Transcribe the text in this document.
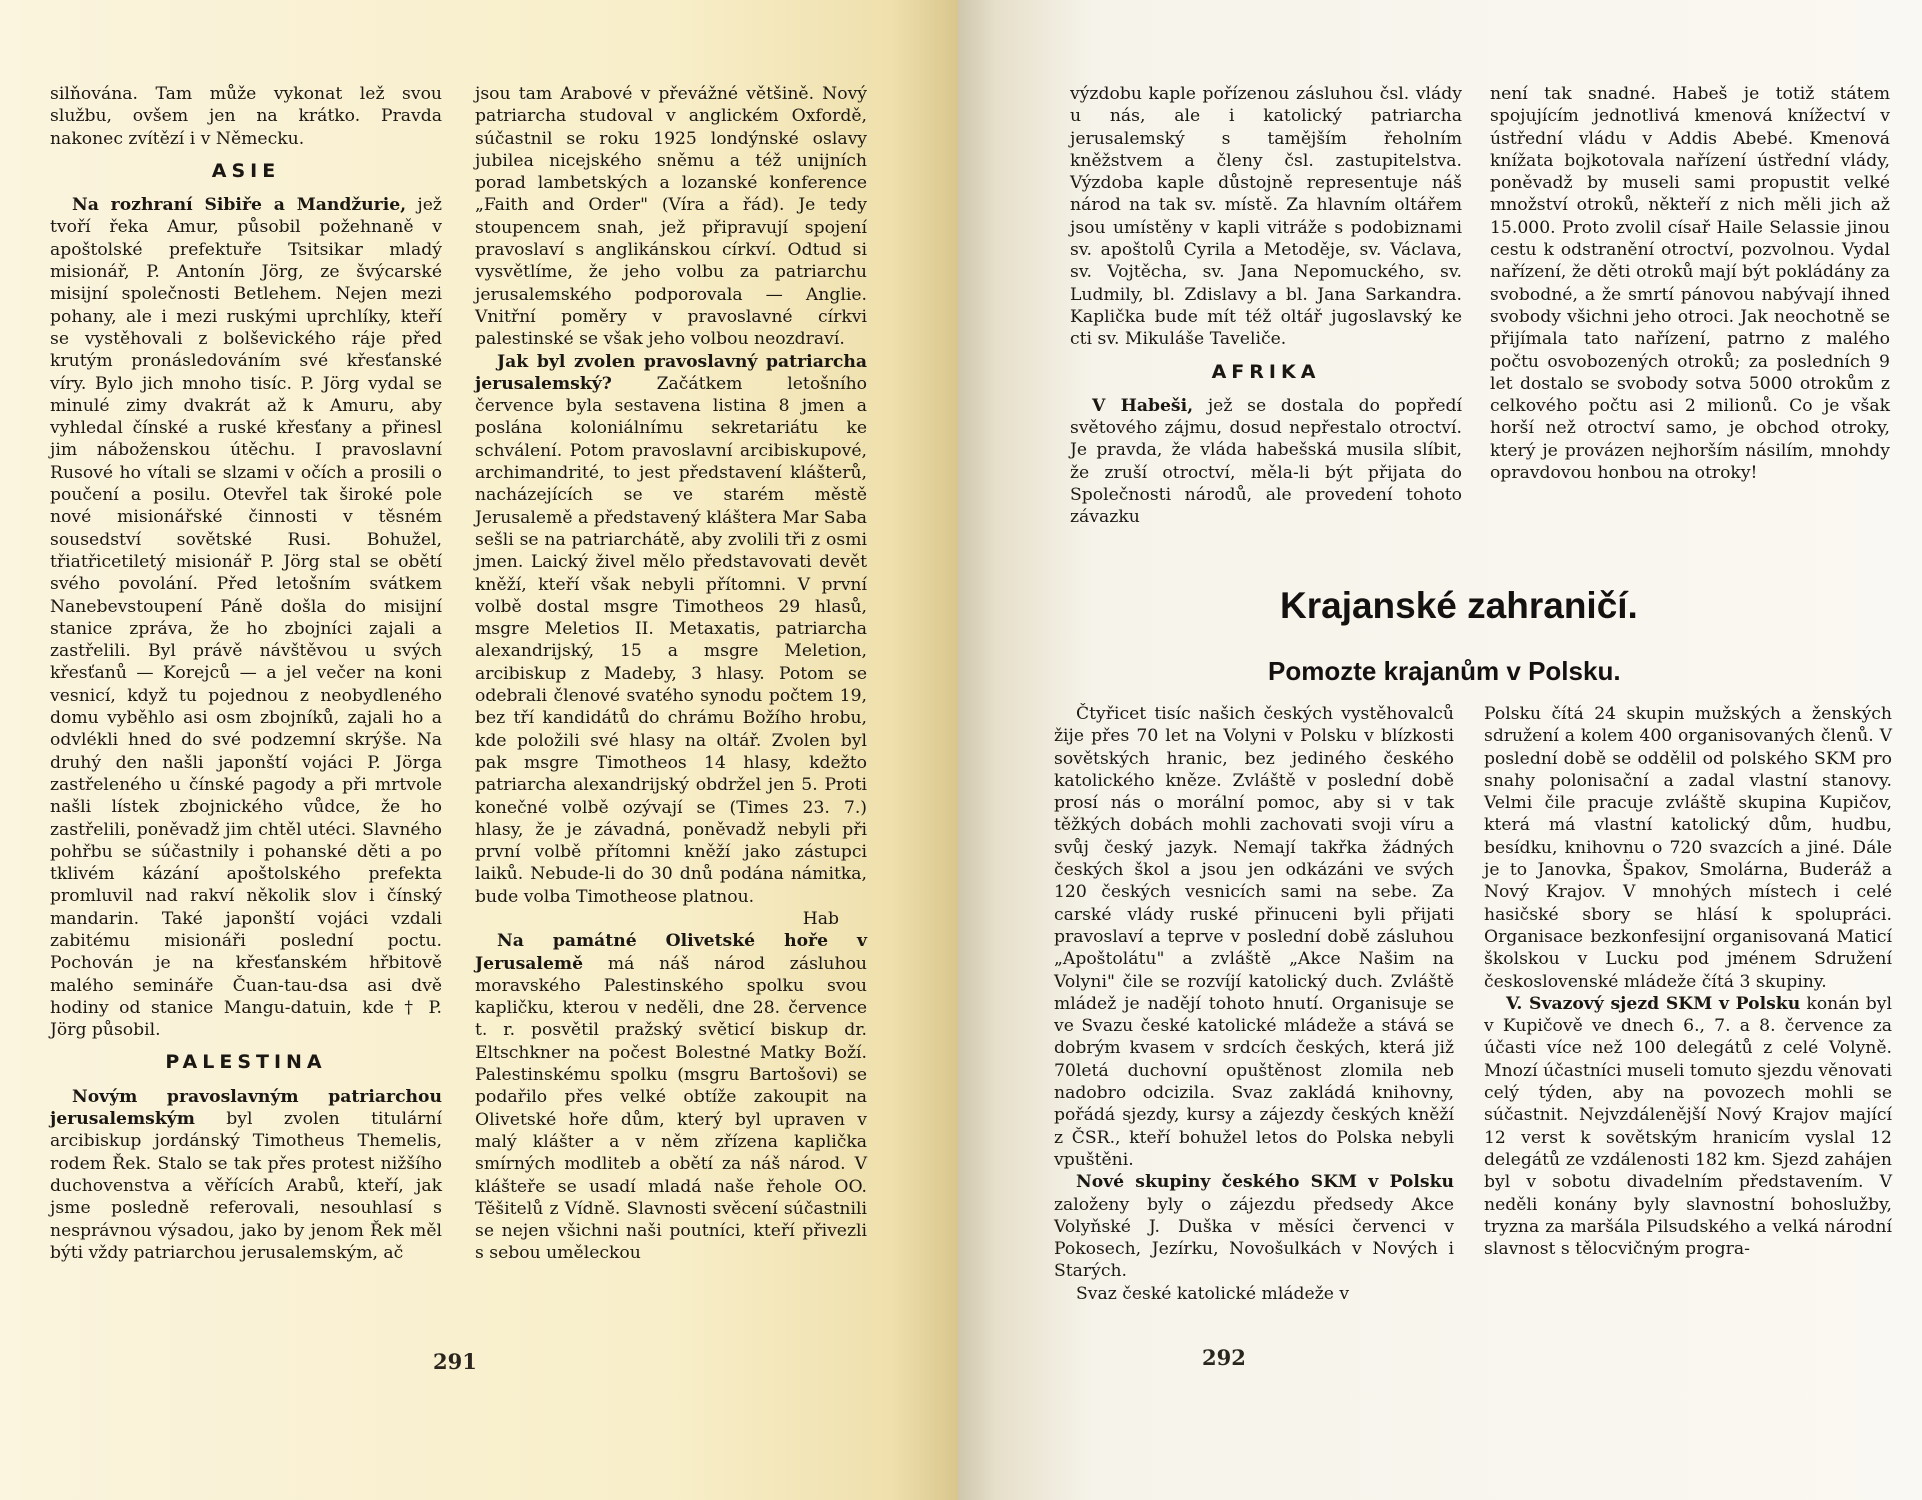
silňována. Tam může vykonat lež svou službu, ovšem jen na krátko. Pravda nakonec zvítězí i v Německu.

ASIE

Na rozhraní Sibiře a Mandžurie, jež tvoří řeka Amur, působil požehnaně v apoštolské prefektuře Tsitsikar mladý misionář, P. Antonín Jörg, ze švýcarské misijní společnosti Betlehem. Nejen mezi pohany, ale i mezi ruskými uprchlíky, kteří se vystěhovali z bolševického ráje před krutým pronásledováním své křesťanské víry. Bylo jich mnoho tisíc. P. Jörg vydal se minulé zimy dvakrát až k Amuru, aby vyhledal čínské a ruské křesťany a přinesl jim náboženskou útěchu. I pravoslavní Rusové ho vítali se slzami v očích a prosili o poučení a posilu. Otevřel tak široké pole nové misionářské činnosti v těsném sousedství sovětské Rusi. Bohužel, třiatřicetiletý misionář P. Jörg stal se obětí svého povolání. Před letošním svátkem Nanebevstoupení Páně došla do misijní stanice zpráva, že ho zbojníci zajali a zastřelili. Byl právě návštěvou u svých křesťanů — Korejců — a jel večer na koni vesnicí, když tu pojednou z neobydleného domu vyběhlo asi osm zbojníků, zajali ho a odvlékli hned do své podzemní skrýše. Na druhý den našli japonští vojáci P. Jörga zastřeleného u čínské pagody a při mrtvole našli lístek zbojnického vůdce, že ho zastřelili, poněvadž jim chtěl utéci. Slavného pohřbu se súčastnily i pohanské děti a po tklivém kázání apoštolského prefekta promluvil nad rakví několik slov i čínský mandarin. Také japonští vojáci vzdali zabitému misionáři poslední poctu. Pochován je na křesťanském hřbitově malého semináře Čuan-tau-dsa asi dvě hodiny od stanice Mangu-datuin, kde † P. Jörg působil.

PALESTINA

Novým pravoslavným patriarchou jerusalemským byl zvolen titulární arcibiskup jordánský Timotheus Themelis, rodem Řek. Stalo se tak přes protest nižšího duchovenstva a věřících Arabů, kteří, jak jsme posledně referovali, nesouhlasí s nesprávnou výsadou, jako by jenom Řek měl býti vždy patriarchou jerusalemským, ač

jsou tam Arabové v převážné většině. Nový patriarcha studoval v anglickém Oxfordě, súčastnil se roku 1925 londýnské oslavy jubilea nicejského sněmu a též unijních porad lambetských a lozanské konference „Faith and Order" (Víra a řád). Je tedy stoupencem snah, jež připravují spojení pravoslaví s anglikánskou církví. Odtud si vysvětlíme, že jeho volbu za patriarchu jerusalemského podporovala — Anglie. Vnitřní poměry v pravoslavné církvi palestinské se však jeho volbou neozdraví.

Jak byl zvolen pravoslavný patriarcha jerusalemský? Začátkem letošního července byla sestavena listina 8 jmen a poslána koloniálnímu sekretariátu ke schválení. Potom pravoslavní arcibiskupové, archimandrité, to jest představení klášterů, nacházejících se ve starém městě Jerusalemě a představený kláštera Mar Saba sešli se na patriarchátě, aby zvolili tři z osmi jmen. Laický živel mělo představovati devět kněží, kteří však nebyli přítomni. V první volbě dostal msgre Timotheos 29 hlasů, msgre Meletios II. Metaxatis, patriarcha alexandrijský, 15 a msgre Meletion, arcibiskup z Madeby, 3 hlasy. Potom se odebrali členové svatého synodu počtem 19, bez tří kandidátů do chrámu Božího hrobu, kde položili své hlasy na oltář. Zvolen byl pak msgre Timotheos 14 hlasy, kdežto patriarcha alexandrijský obdržel jen 5. Proti konečné volbě ozývají se (Times 23. 7.) hlasy, že je závadná, poněvadž nebyli při první volbě přítomni kněží jako zástupci laiků. Nebude-li do 30 dnů podána námitka, bude volba Timotheose platnou.

Hab

Na památné Olivetské hoře v Jerusalemě má náš národ zásluhou moravského Palestinského spolku svou kapličku, kterou v neděli, dne 28. července t. r. posvětil pražský světicí biskup dr. Eltschkner na počest Bolestné Matky Boží. Palestinskému spolku (msgru Bartošovi) se podařilo přes velké obtíže zakoupit na Olivetské hoře dům, který byl upraven v malý klášter a v něm zřízena kaplička smírných modliteb a obětí za náš národ. V klášteře se usadí mladá naše řehole OO. Těšitelů z Vídně. Slavnosti svěcení súčastnili se nejen všichni naši poutníci, kteří přivezli s sebou uměleckou

291

výzdobu kaple pořízenou zásluhou čsl. vlády u nás, ale i katolický patriarcha jerusalemský s tamějším řeholním kněžstvem a členy čsl. zastupitelstva. Výzdoba kaple důstojně representuje náš národ na tak sv. místě. Za hlavním oltářem jsou umístěny v kapli vitráže s podobiznami sv. apoštolů Cyrila a Metoděje, sv. Václava, sv. Vojtěcha, sv. Jana Nepomuckého, sv. Ludmily, bl. Zdislavy a bl. Jana Sarkandra. Kaplička bude mít též oltář jugoslavský ke cti sv. Mikuláše Taveliče.

AFRIKA

V Habeši, jež se dostala do popředí světového zájmu, dosud nepřestalo otroctví. Je pravda, že vláda habešská musila slíbit, že zruší otroctví, měla-li být přijata do Společnosti národů, ale provedení tohoto závazku

není tak snadné. Habeš je totiž státem spojujícím jednotlivá kmenová knížectví v ústřední vládu v Addis Abebé. Kmenová knížata bojkotovala nařízení ústřední vlády, poněvadž by museli sami propustit velké množství otroků, někteří z nich měli jich až 15.000. Proto zvolil císař Haile Selassie jinou cestu k odstranění otroctví, pozvolnou. Vydal nařízení, že děti otroků mají být pokládány za svobodné, a že smrtí pánovou nabývají ihned svobody všichni jeho otroci. Jak neochotně se přijímala tato nařízení, patrno z malého počtu osvobozených otroků; za posledních 9 let dostalo se svobody sotva 5000 otrokům z celkového počtu asi 2 milionů. Co je však horší než otroctví samo, je obchod otroky, který je provázen nejhorším násilím, mnohdy opravdovou honbou na otroky!

Krajanské zahraničí.
Pomozte krajanům v Polsku.

Čtyřicet tisíc našich českých vystěhovalců žije přes 70 let na Volyni v Polsku v blízkosti sovětských hranic, bez jediného českého katolického kněze. Zvláště v poslední době prosí nás o morální pomoc, aby si v tak těžkých dobách mohli zachovati svoji víru a svůj český jazyk. Nemají takřka žádných českých škol a jsou jen odkázáni ve svých 120 českých vesnicích sami na sebe. Za carské vlády ruské přinuceni byli přijati pravoslaví a teprve v poslední době zásluhou „Apoštolátu" a zvláště „Akce Našim na Volyni" čile se rozvíjí katolický duch. Zvláště mládež je nadějí tohoto hnutí. Organisuje se ve Svazu české katolické mládeže a stává se dobrým kvasem v srdcích českých, která již 70letá duchovní opuštěnost zlomila neb nadobro odcizila. Svaz zakládá knihovny, pořádá sjezdy, kursy a zájezdy českých kněží z ČSR., kteří bohužel letos do Polska nebyli vpuštěni.

Nové skupiny českého SKM v Polsku založeny byly o zájezdu předsedy Akce Volyňské J. Duška v měsíci červenci v Pokosech, Jezírku, Novošulkách v Nových i Starých.

Svaz české katolické mládeže v

Polsku čítá 24 skupin mužských a ženských sdružení a kolem 400 organisovaných členů. V poslední době se oddělil od polského SKM pro snahy polonisační a zadal vlastní stanovy. Velmi čile pracuje zvláště skupina Kupičov, která má vlastní katolický dům, hudbu, besídku, knihovnu o 720 svazcích a jiné. Dále je to Janovka, Špakov, Smolárna, Buderáž a Nový Krajov. V mnohých místech i celé hasičské sbory se hlásí k spolupráci. Organisace bezkonfesijní organisovaná Maticí školskou v Lucku pod jménem Sdružení československé mládeže čítá 3 skupiny.

V. Svazový sjezd SKM v Polsku konán byl v Kupičově ve dnech 6., 7. a 8. července za účasti více než 100 delegátů z celé Volyně. Mnozí účastníci museli tomuto sjezdu věnovati celý týden, aby na povozech mohli se súčastnit. Nejvzdálenější Nový Krajov mající 12 verst k sovětským hranicím vyslal 12 delegátů ze vzdálenosti 182 km. Sjezd zahájen byl v sobotu divadelním představením. V neděli konány byly slavnostní bohoslužby, tryzna za maršála Pilsudského a velká národní slavnost s tělocvičným progra-

292
